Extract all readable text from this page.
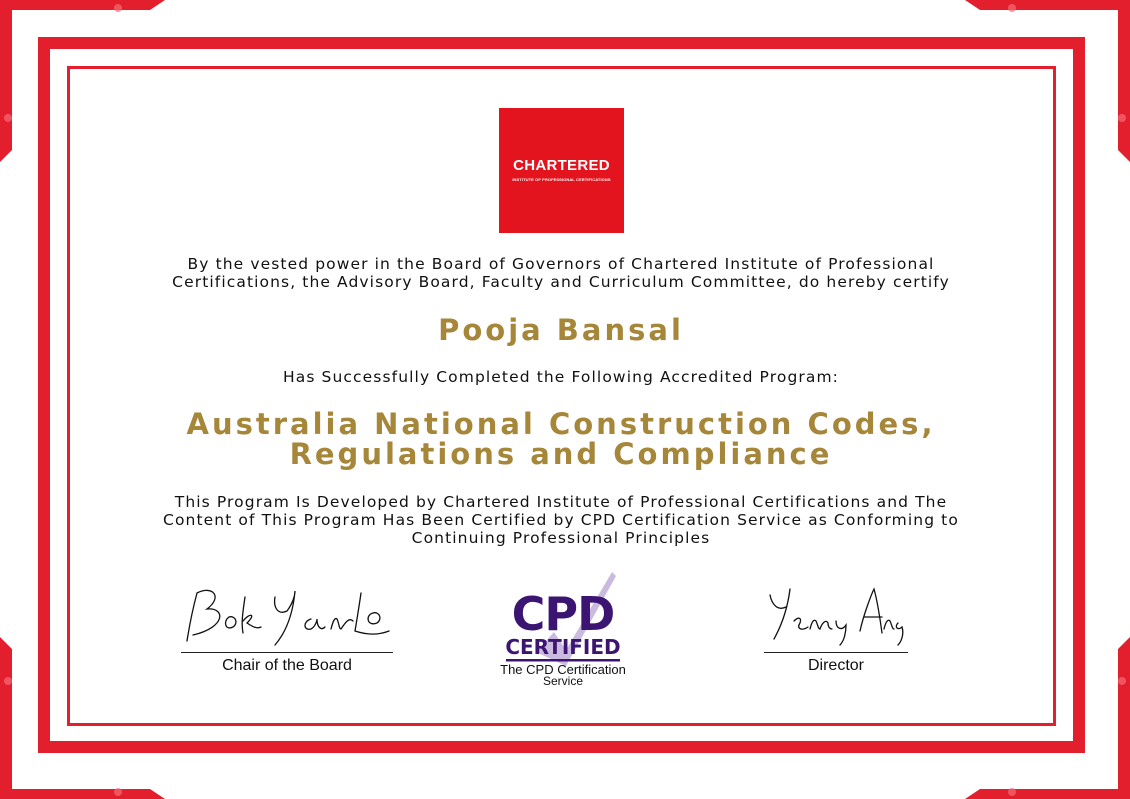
CHARTERED
INSTITUTE OF PROFESSIONAL CERTIFICATIONS
By the vested power in the Board of Governors of Chartered Institute of Professional
Certifications, the Advisory Board, Faculty and Curriculum Committee, do hereby certify
Pooja Bansal
Has Successfully Completed the Following Accredited Program:
Australia National Construction Codes,
Regulations and Compliance
This Program Is Developed by Chartered Institute of Professional Certifications and The
Content of This Program Has Been Certified by CPD Certification Service as Conforming to
Continuing Professional Principles
Chair of the Board	Director
CPD
CERTIFIED
The CPD Certification
Service
